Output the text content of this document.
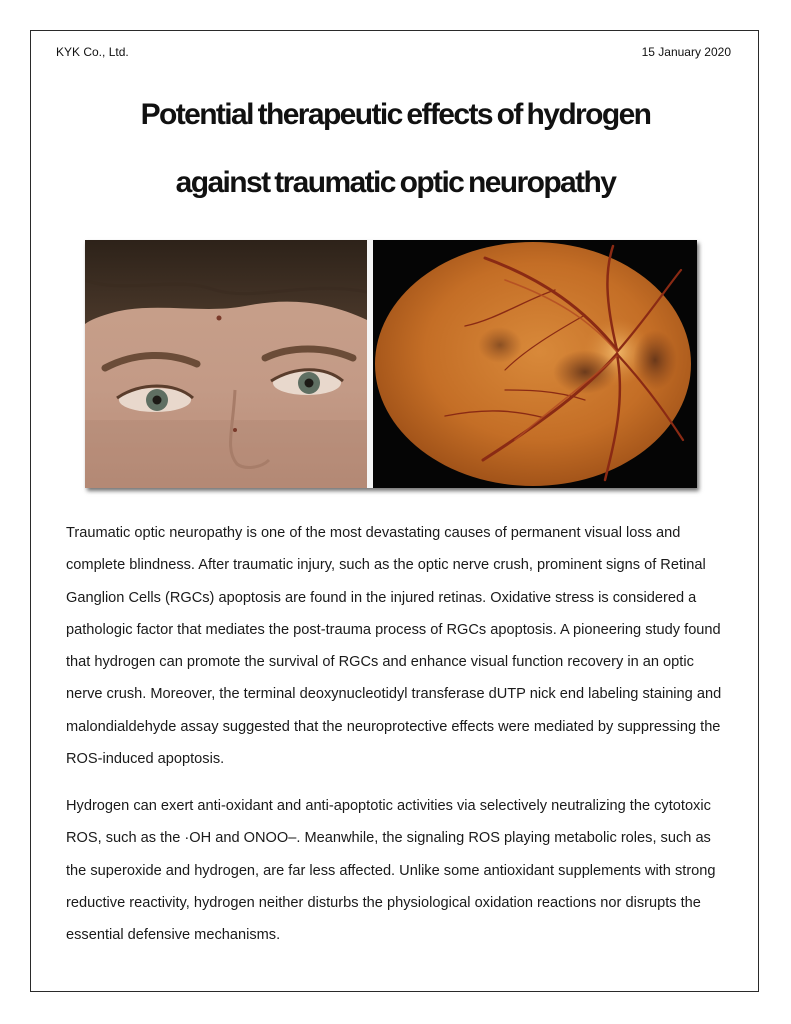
KYK Co., Ltd.	15 January 2020
Potential therapeutic effects of hydrogen
against traumatic optic neuropathy

Traumatic optic neuropathy is one of the most devastating causes of permanent visual loss and complete blindness. After traumatic injury, such as the optic nerve crush, prominent signs of Retinal Ganglion Cells (RGCs) apoptosis are found in the injured retinas. Oxidative stress is considered a pathologic factor that mediates the post-trauma process of RGCs apoptosis. A pioneering study found that hydrogen can promote the survival of RGCs and enhance visual function recovery in an optic nerve crush. Moreover, the terminal deoxynucleotidyl transferase dUTP nick end labeling staining and malondialdehyde assay suggested that the neuroprotective effects were mediated by suppressing the ROS-induced apoptosis.

Hydrogen can exert anti-oxidant and anti-apoptotic activities via selectively neutralizing the cytotoxic ROS, such as the ·OH and ONOO–. Meanwhile, the signaling ROS playing metabolic roles, such as the superoxide and hydrogen, are far less affected. Unlike some antioxidant supplements with strong reductive reactivity, hydrogen neither disturbs the physiological oxidation reactions nor disrupts the essential defensive mechanisms.
